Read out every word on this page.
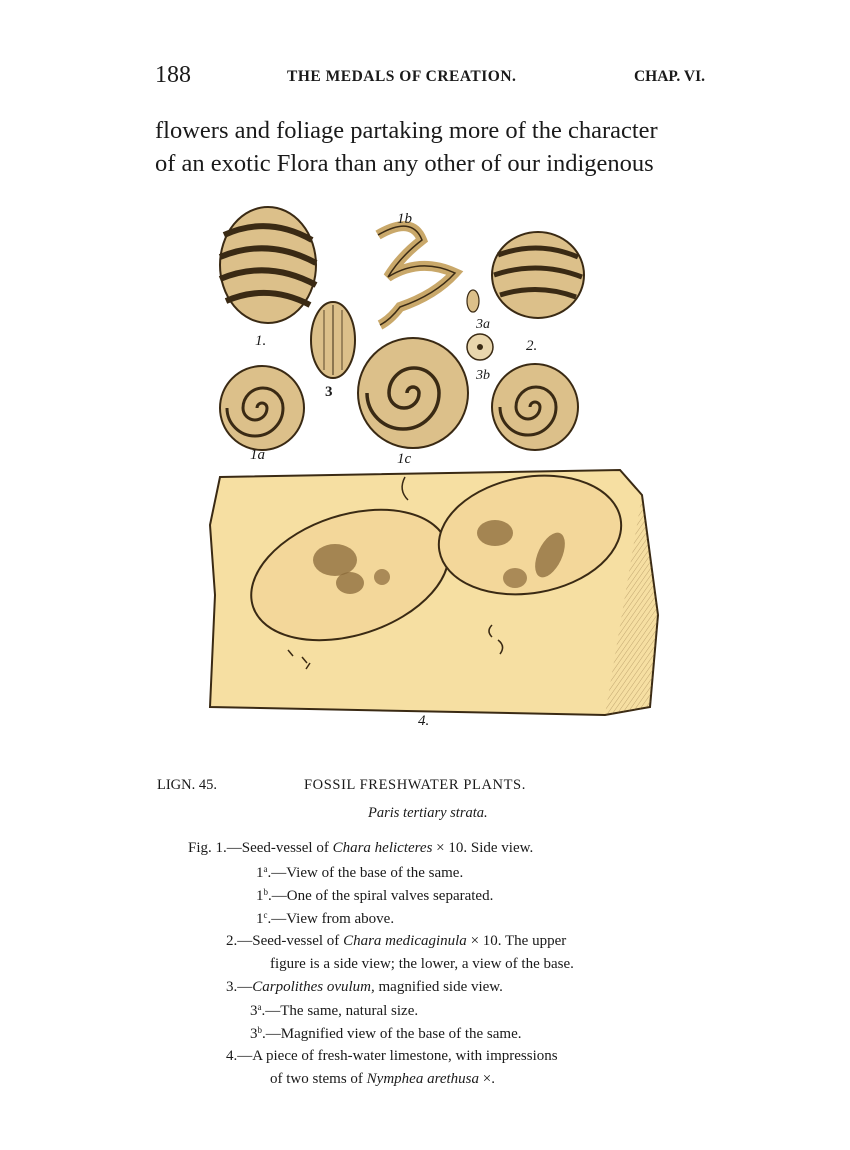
188	THE MEDALS OF CREATION.	CHAP. VI.
flowers and foliage partaking more of the character
of an exotic Flora than any other of our indigenous
1.
1b
2.
3
3a
3b
1a	1c
4.
LIGN. 45.	FOSSIL FRESHWATER PLANTS.
Paris tertiary strata.
Fig. 1.—Seed-vessel of Chara helicteres × 10. Side view.
1$^a$.—View of the base of the same.
1$^b$.—One of the spiral valves separated.
1$^c$.—View from above.
2.—Seed-vessel of Chara medicaginula × 10. The upper
figure is a side view; the lower, a view of the base.
3.—Carpolithes ovulum, magnified side view.
3$^a$.—The same, natural size.
3$^b$.—Magnified view of the base of the same.
4.—A piece of fresh-water limestone, with impressions
of two stems of Nymphea arethusa ×.
